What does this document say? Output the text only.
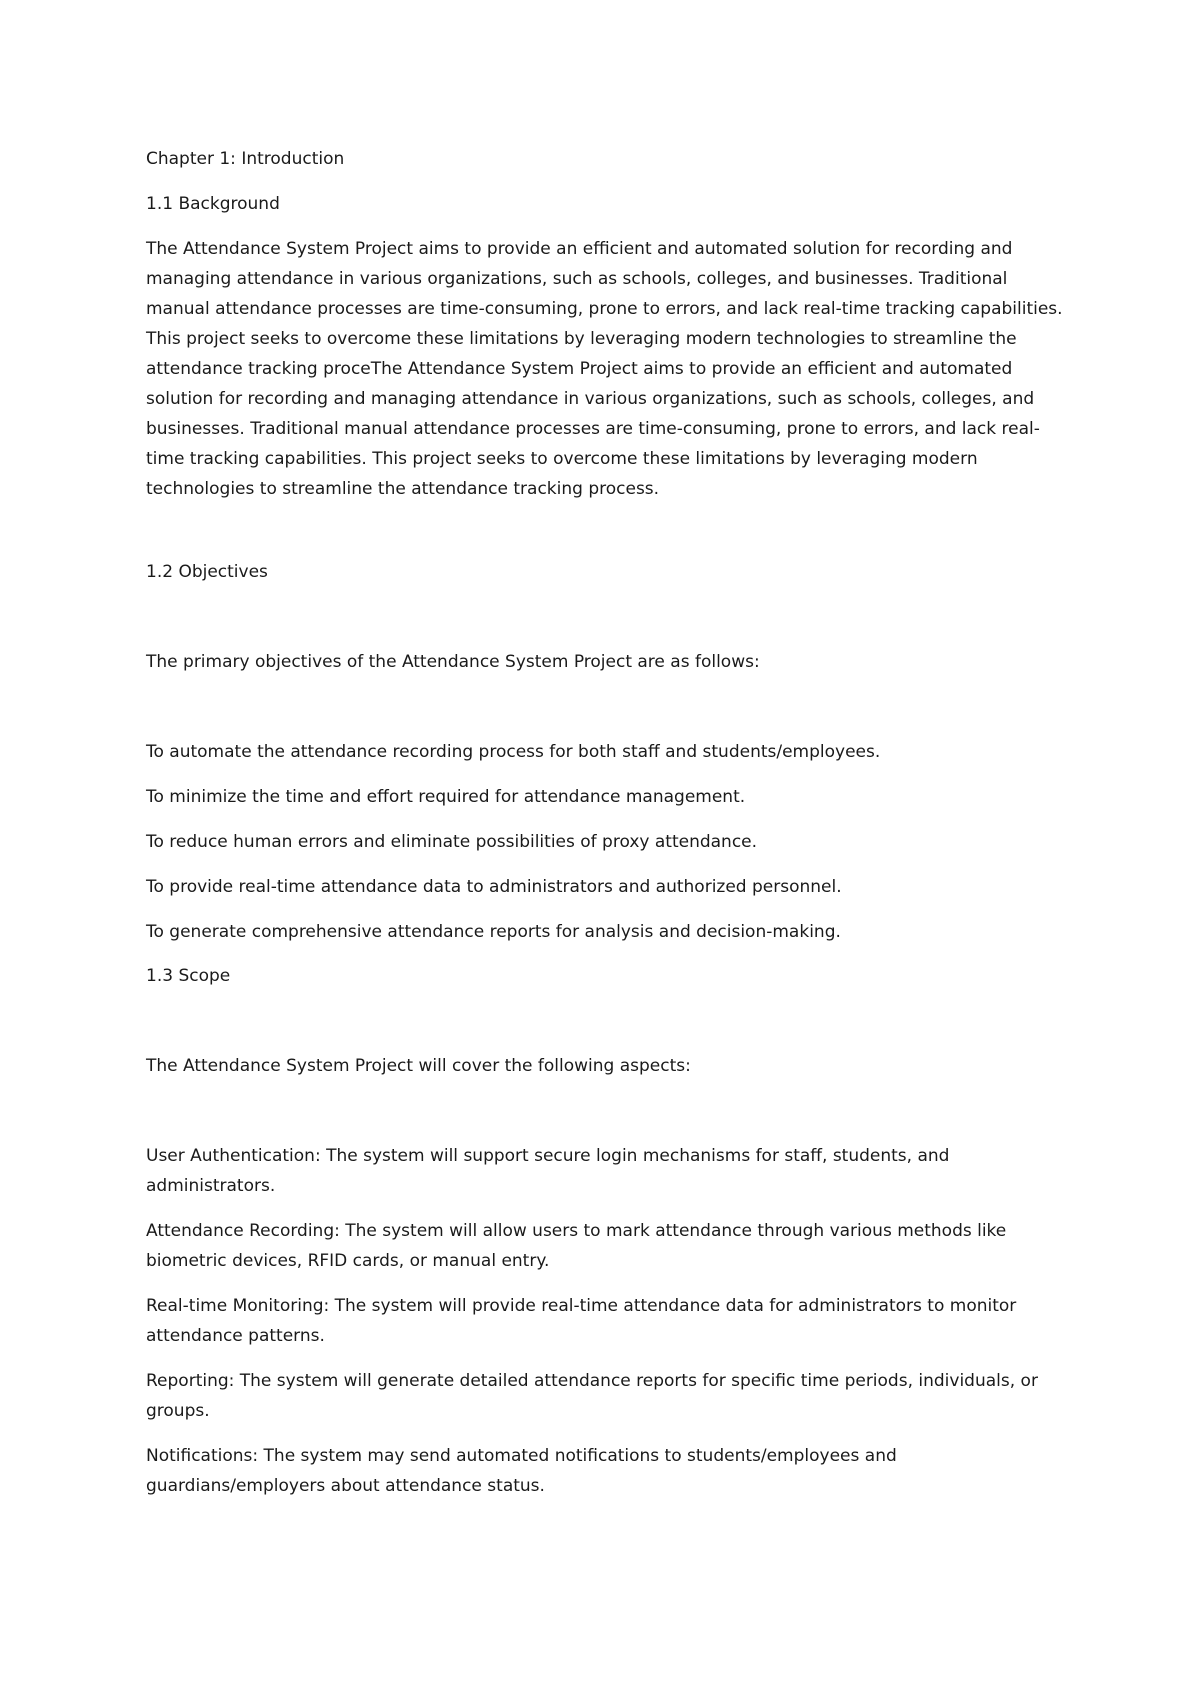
Chapter 1: Introduction

1.1 Background

The Attendance System Project aims to provide an efficient and automated solution for recording and managing attendance in various organizations, such as schools, colleges, and businesses. Traditional manual attendance processes are time-consuming, prone to errors, and lack real-time tracking capabilities. This project seeks to overcome these limitations by leveraging modern technologies to streamline the attendance tracking proceThe Attendance System Project aims to provide an efficient and automated solution for recording and managing attendance in various organizations, such as schools, colleges, and businesses. Traditional manual attendance processes are time-consuming, prone to errors, and lack real-time tracking capabilities. This project seeks to overcome these limitations by leveraging modern technologies to streamline the attendance tracking process.

1.2 Objectives

The primary objectives of the Attendance System Project are as follows:

To automate the attendance recording process for both staff and students/employees.

To minimize the time and effort required for attendance management.

To reduce human errors and eliminate possibilities of proxy attendance.

To provide real-time attendance data to administrators and authorized personnel.

To generate comprehensive attendance reports for analysis and decision-making.

1.3 Scope

The Attendance System Project will cover the following aspects:

User Authentication: The system will support secure login mechanisms for staff, students, and administrators.

Attendance Recording: The system will allow users to mark attendance through various methods like biometric devices, RFID cards, or manual entry.

Real-time Monitoring: The system will provide real-time attendance data for administrators to monitor attendance patterns.

Reporting: The system will generate detailed attendance reports for specific time periods, individuals, or groups.

Notifications: The system may send automated notifications to students/employees and guardians/employers about attendance status.
